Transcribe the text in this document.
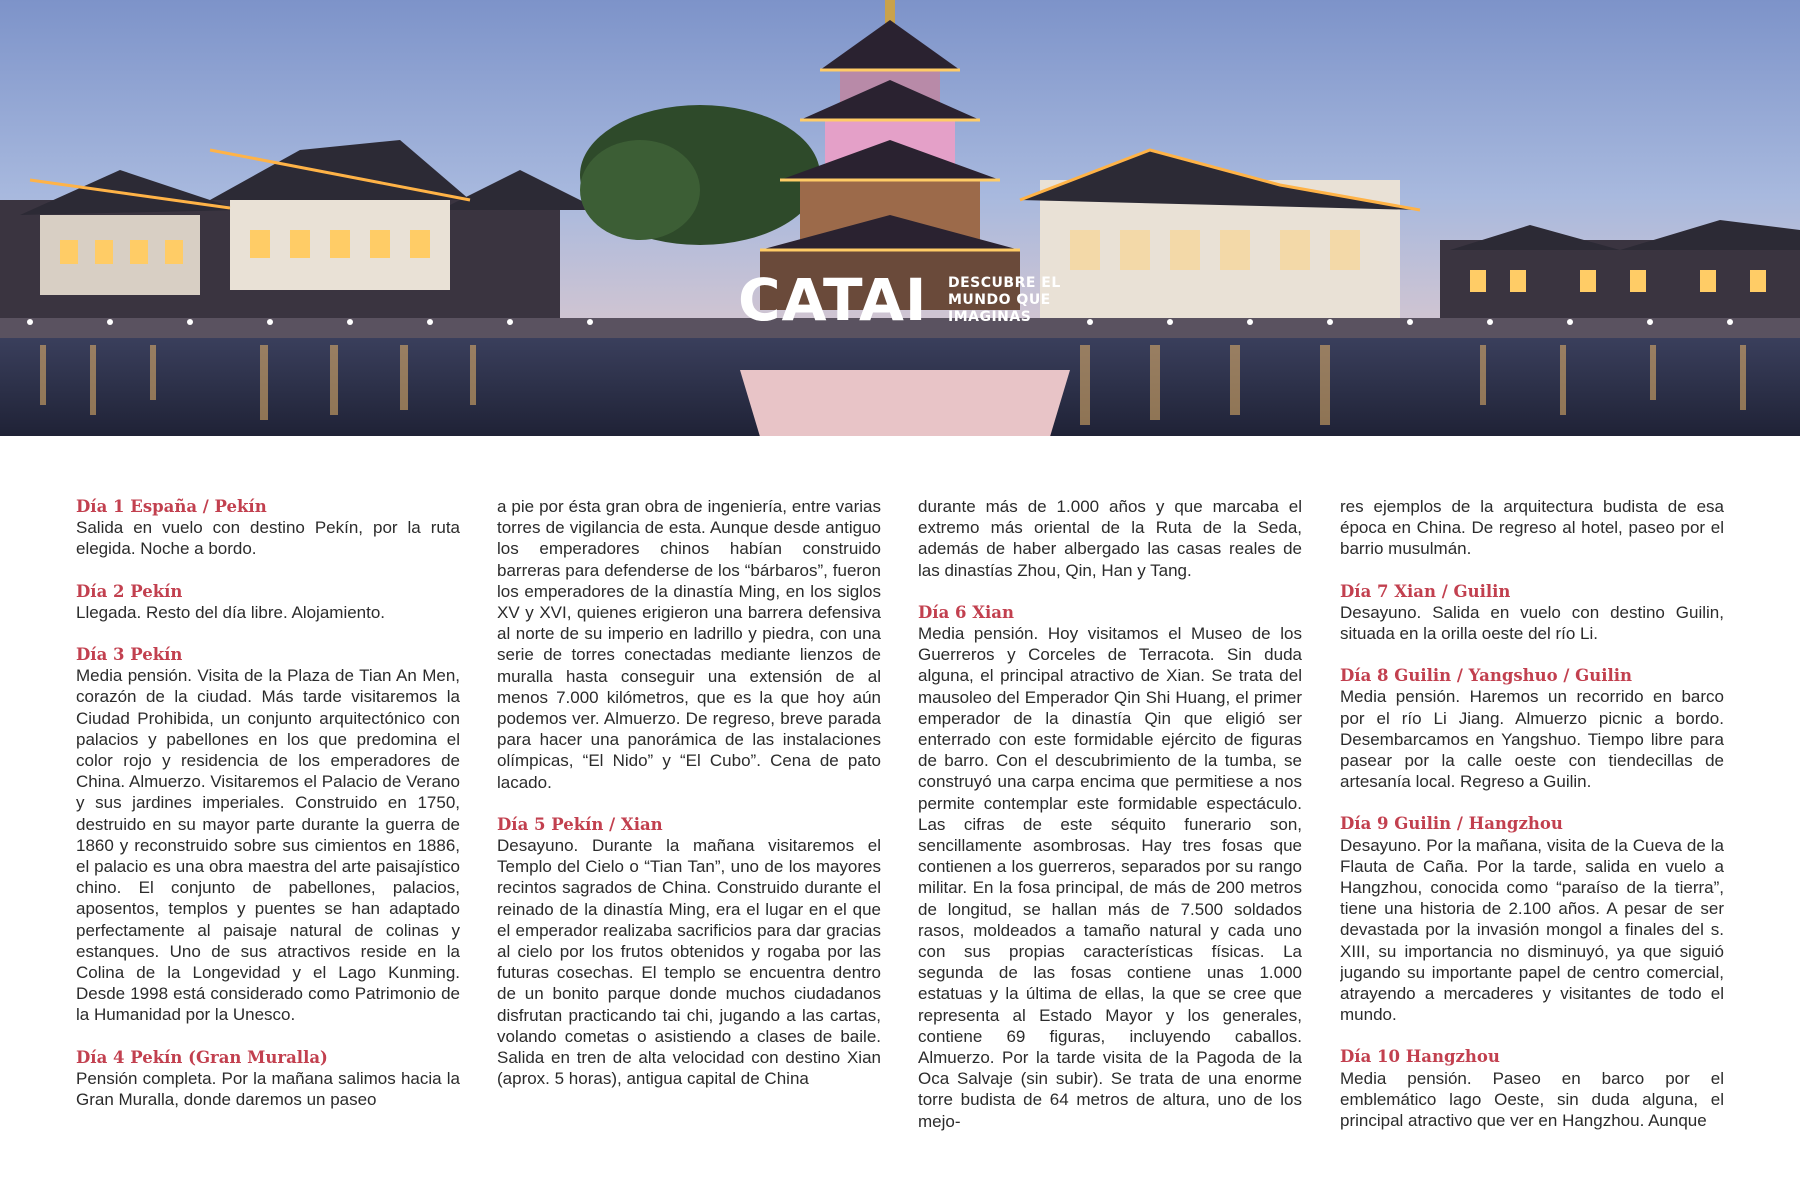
CATAI DESCUBRE EL MUNDO QUE IMAGINAS

Día 1 España / Pekín
Salida en vuelo con destino Pekín, por la ruta elegida. Noche a bordo.

Día 2 Pekín
Llegada. Resto del día libre. Alojamiento.

Día 3 Pekín
Media pensión. Visita de la Plaza de Tian An Men, corazón de la ciudad. Más tarde visitaremos la Ciudad Prohibida, un conjunto arquitectónico con palacios y pabellones en los que predomina el color rojo y residencia de los emperadores de China. Almuerzo. Visitaremos el Palacio de Verano y sus jardines imperiales. Construido en 1750, destruido en su mayor parte durante la guerra de 1860 y reconstruido sobre sus cimientos en 1886, el palacio es una obra maestra del arte paisajístico chino. El conjunto de pabellones, palacios, aposentos, templos y puentes se han adaptado perfectamente al paisaje natural de colinas y estanques. Uno de sus atractivos reside en la Colina de la Longevidad y el Lago Kunming. Desde 1998 está considerado como Patrimonio de la Humanidad por la Unesco.

Día 4 Pekín (Gran Muralla)
Pensión completa. Por la mañana salimos hacia la Gran Muralla, donde daremos un paseo

a pie por ésta gran obra de ingeniería, entre varias torres de vigilancia de esta. Aunque desde antiguo los emperadores chinos habían construido barreras para defenderse de los “bárbaros”, fueron los emperadores de la dinastía Ming, en los siglos XV y XVI, quienes erigieron una barrera defensiva al norte de su imperio en ladrillo y piedra, con una serie de torres conectadas mediante lienzos de muralla hasta conseguir una extensión de al menos 7.000 kilómetros, que es la que hoy aún podemos ver. Almuerzo. De regreso, breve parada para hacer una panorámica de las instalaciones olímpicas, “El Nido” y “El Cubo”. Cena de pato lacado.

Día 5 Pekín / Xian
Desayuno. Durante la mañana visitaremos el Templo del Cielo o “Tian Tan”, uno de los mayores recintos sagrados de China. Construido durante el reinado de la dinastía Ming, era el lugar en el que el emperador realizaba sacrificios para dar gracias al cielo por los frutos obtenidos y rogaba por las futuras cosechas. El templo se encuentra dentro de un bonito parque donde muchos ciudadanos disfrutan practicando tai chi, jugando a las cartas, volando cometas o asistiendo a clases de baile. Salida en tren de alta velocidad con destino Xian (aprox. 5 horas), antigua capital de China

durante más de 1.000 años y que marcaba el extremo más oriental de la Ruta de la Seda, además de haber albergado las casas reales de las dinastías Zhou, Qin, Han y Tang.

Día 6 Xian
Media pensión. Hoy visitamos el Museo de los Guerreros y Corceles de Terracota. Sin duda alguna, el principal atractivo de Xian. Se trata del mausoleo del Emperador Qin Shi Huang, el primer emperador de la dinastía Qin que eligió ser enterrado con este formidable ejército de figuras de barro. Con el descubrimiento de la tumba, se construyó una carpa encima que permitiese a nos permite contemplar este formidable espectáculo. Las cifras de este séquito funerario son, sencillamente asombrosas. Hay tres fosas que contienen a los guerreros, separados por su rango militar. En la fosa principal, de más de 200 metros de longitud, se hallan más de 7.500 soldados rasos, moldeados a tamaño natural y cada uno con sus propias características físicas. La segunda de las fosas contiene unas 1.000 estatuas y la última de ellas, la que se cree que representa al Estado Mayor y los generales, contiene 69 figuras, incluyendo caballos. Almuerzo. Por la tarde visita de la Pagoda de la Oca Salvaje (sin subir). Se trata de una enorme torre budista de 64 metros de altura, uno de los mejo-

res ejemplos de la arquitectura budista de esa época en China. De regreso al hotel, paseo por el barrio musulmán.

Día 7 Xian / Guilin
Desayuno. Salida en vuelo con destino Guilin, situada en la orilla oeste del río Li.

Día 8 Guilin / Yangshuo / Guilin
Media pensión. Haremos un recorrido en barco por el río Li Jiang. Almuerzo picnic a bordo. Desembarcamos en Yangshuo. Tiempo libre para pasear por la calle oeste con tiendecillas de artesanía local. Regreso a Guilin.

Día 9 Guilin / Hangzhou
Desayuno. Por la mañana, visita de la Cueva de la Flauta de Caña. Por la tarde, salida en vuelo a Hangzhou, conocida como “paraíso de la tierra”, tiene una historia de 2.100 años. A pesar de ser devastada por la invasión mongol a finales del s. XIII, su importancia no disminuyó, ya que siguió jugando su importante papel de centro comercial, atrayendo a mercaderes y visitantes de todo el mundo.

Día 10 Hangzhou
Media pensión. Paseo en barco por el emblemático lago Oeste, sin duda alguna, el principal atractivo que ver en Hangzhou. Aunque
